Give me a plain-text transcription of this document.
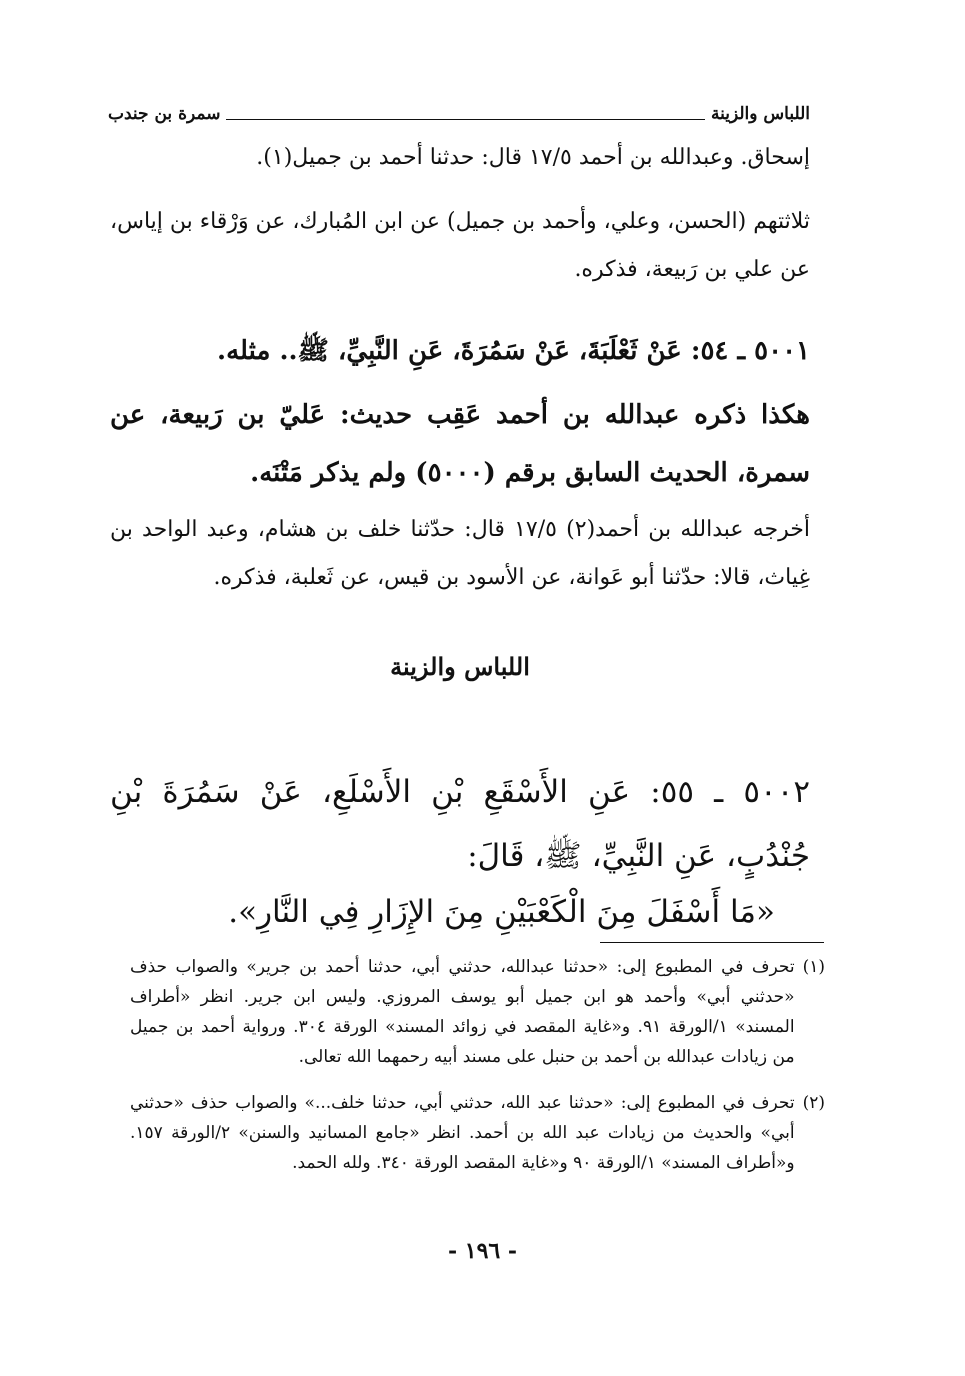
اللباس والزينة
سمرة بن جندب
إسحاق. وعبدالله بن أحمد ١٧/٥ قال: حدثنا أحمد بن جميل(١).
ثلاثتهم (الحسن، وعلي، وأحمد بن جميل) عن ابن المُبارك، عن وَرْقاء بن إياس، عن علي بن رَبيعة، فذكره.
٥٠٠١ ـ ٥٤: عَنْ ثَعْلَبَةَ، عَنْ سَمُرَةَ، عَنِ النَّبِيِّ، ﷺ.. مثله.
هكذا ذكره عبدالله بن أحمد عَقِب حديث: عَليّ بن رَبيعة، عن سمرة، الحديث السابق برقم (٥٠٠٠) ولم يذكر مَتْنَه.
أخرجه عبدالله بن أحمد(٢) ١٧/٥ قال: حدّثنا خلف بن هشام، وعبد الواحد بن غِياث، قالا: حدّثنا أبو عَوانة، عن الأسود بن قيس، عن ثَعلبة، فذكره.
اللباس والزينة
٥٠٠٢ ـ ٥٥: عَنِ الأَسْقَعِ بْنِ الأَسْلَعِ، عَنْ سَمُرَةَ بْنِ جُنْدُبٍ، عَنِ النَّبِيِّ، ﷺ، قَالَ:
«مَا أَسْفَلَ مِنَ الْكَعْبَيْنِ مِنَ الإِزَارِ فِي النَّارِ».
(١)
تحرف في المطبوع إلى: «حدثنا عبدالله، حدثني أبي، حدثنا أحمد بن جرير» والصواب حذف «حدثني أبي» وأحمد هو ابن جميل أبو يوسف المروزي. وليس ابن جرير. انظر «أطراف المسند» ١/الورقة ٩١. و«غاية المقصد في زوائد المسند» الورقة ٣٠٤. ورواية أحمد بن جميل من زيادات عبدالله بن أحمد بن حنبل على مسند أبيه رحمهما الله تعالى.
(٢)
تحرف في المطبوع إلى: «حدثنا عبد الله، حدثني أبي، حدثنا خلف...» والصواب حذف «حدثني أبي» والحديث من زيادات عبد الله بن أحمد. انظر «جامع المسانيد والسنن» ٢/الورقة ١٥٧. و«أطراف المسند» ١/الورقة ٩٠ و«غاية المقصد الورقة ٣٤٠. ولله الحمد.
- ١٩٦ -
